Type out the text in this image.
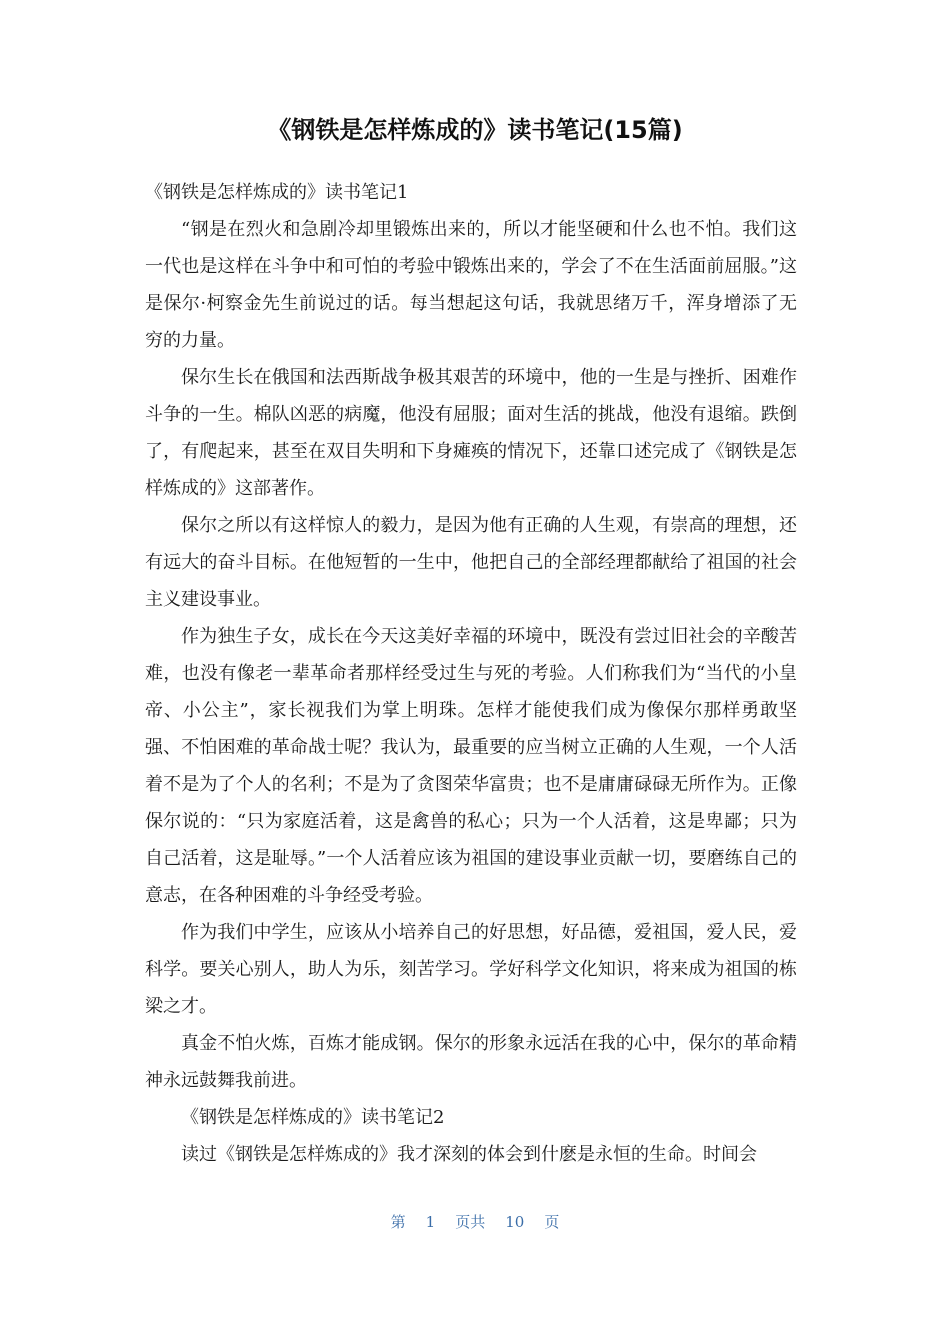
《钢铁是怎样炼成的》读书笔记(15篇)

《钢铁是怎样炼成的》读书笔记1

“钢是在烈火和急剧冷却里锻炼出来的，所以才能坚硬和什么也不怕。我们这一代也是这样在斗争中和可怕的考验中锻炼出来的，学会了不在生活面前屈服。”这是保尔·柯察金先生前说过的话。每当想起这句话，我就思绪万千，浑身增添了无穷的力量。

保尔生长在俄国和法西斯战争极其艰苦的环境中，他的一生是与挫折、困难作斗争的一生。棉队凶恶的病魔，他没有屈服；面对生活的挑战，他没有退缩。跌倒了，有爬起来，甚至在双目失明和下身瘫痪的情况下，还靠口述完成了《钢铁是怎样炼成的》这部著作。

保尔之所以有这样惊人的毅力，是因为他有正确的人生观，有崇高的理想，还有远大的奋斗目标。在他短暂的一生中，他把自己的全部经理都献给了祖国的社会主义建设事业。

作为独生子女，成长在今天这美好幸福的环境中，既没有尝过旧社会的辛酸苦难，也没有像老一辈革命者那样经受过生与死的考验。人们称我们为“当代的小皇帝、小公主”，家长视我们为掌上明珠。怎样才能使我们成为像保尔那样勇敢坚强、不怕困难的革命战士呢？我认为，最重要的应当树立正确的人生观，一个人活着不是为了个人的名利；不是为了贪图荣华富贵；也不是庸庸碌碌无所作为。正像保尔说的：“只为家庭活着，这是禽兽的私心；只为一个人活着，这是卑鄙；只为自己活着，这是耻辱。”一个人活着应该为祖国的建设事业贡献一切，要磨练自己的意志，在各种困难的斗争经受考验。

作为我们中学生，应该从小培养自己的好思想，好品德，爱祖国，爱人民，爱科学。要关心别人，助人为乐，刻苦学习。学好科学文化知识，将来成为祖国的栋梁之才。

真金不怕火炼，百炼才能成钢。保尔的形象永远活在我的心中，保尔的革命精神永远鼓舞我前进。

《钢铁是怎样炼成的》读书笔记2

读过《钢铁是怎样炼成的》我才深刻的体会到什麽是永恒的生命。时间会

第 1 页共 10 页
